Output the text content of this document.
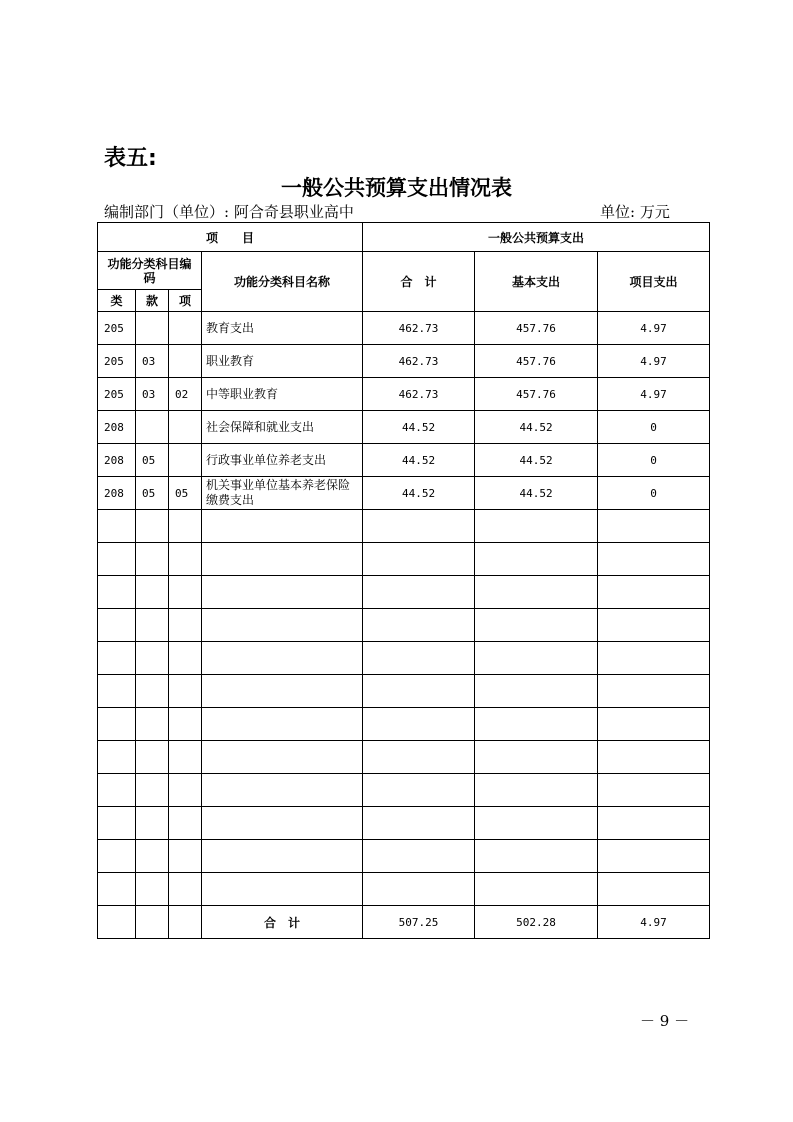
表五:
一般公共预算支出情况表
编制部门（单位）: 阿合奇县职业高中	单位: 万元
项　　目				一般公共预算支出		
功能分类科目编码			功能分类科目名称	合　计	基本支出	项目支出
类	款	项				
205			教育支出	462.73	457.76	4.97
205	03		职业教育	462.73	457.76	4.97
205	03	02	中等职业教育	462.73	457.76	4.97
208			社会保障和就业支出	44.52	44.52	0
208	05		行政事业单位养老支出	44.52	44.52	0
208	05	05	机关事业单位基本养老保险缴费支出	44.52	44.52	0

			合　计	507.25	502.28	4.97
－ 9 －
